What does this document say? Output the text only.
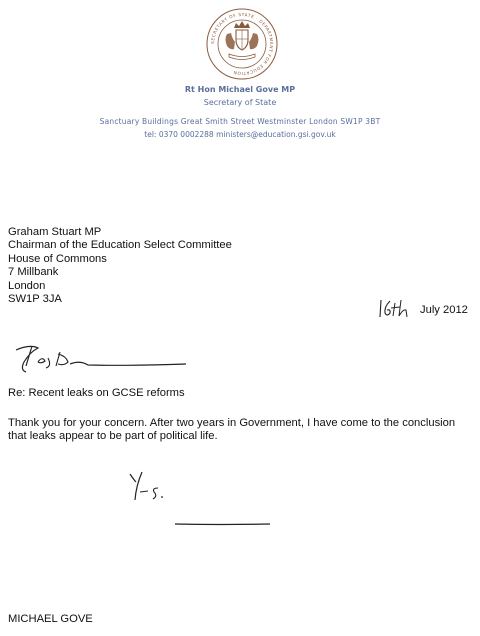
SECRETARY OF STATE · DEPARTMENT FOR EDUCATION
Rt Hon Michael Gove MP
Secretary of State
Sanctuary Buildings Great Smith Street Westminster London SW1P 3BT
tel: 0370 0002288 ministers@education.gsi.gov.uk
Graham Stuart MP
Chairman of the Education Select Committee
House of Commons
7 Millbank
London
SW1P 3JA
July 2012
Re: Recent leaks on GCSE reforms
Thank you for your concern. After two years in Government, I have come to the conclusion that leaks appear to be part of political life.
MICHAEL GOVE
